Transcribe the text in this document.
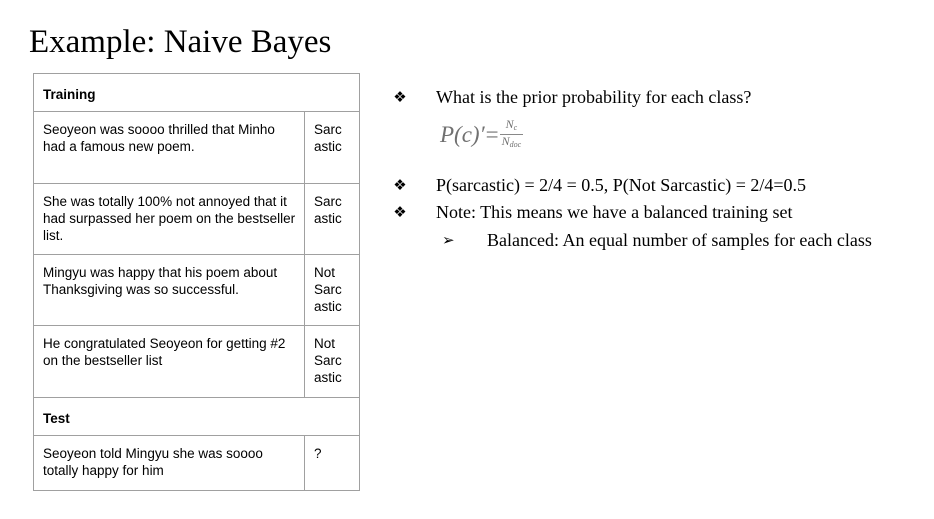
Example: Naive Bayes
Training	
Seoyeon was soooo thrilled that Minho had a famous new poem.	Sarc astic
She was totally 100% not annoyed that it had surpassed her poem on the bestseller list.	Sarc astic
Mingyu was happy that his poem about Thanksgiving was so successful.	Not Sarc astic
He congratulated Seoyeon for getting #2 on the bestseller list	Not Sarc astic
Test	
Seoyeon told Mingyu she was soooo totally happy for him	?
❖ What is the prior probability for each class?
$P(c)'= \frac{N_c}{N_{doc}}$
❖ P(sarcastic) = 2/4 = 0.5, P(Not Sarcastic) = 2/4=0.5
❖ Note: This means we have a balanced training set
➢ Balanced: An equal number of samples for each class
